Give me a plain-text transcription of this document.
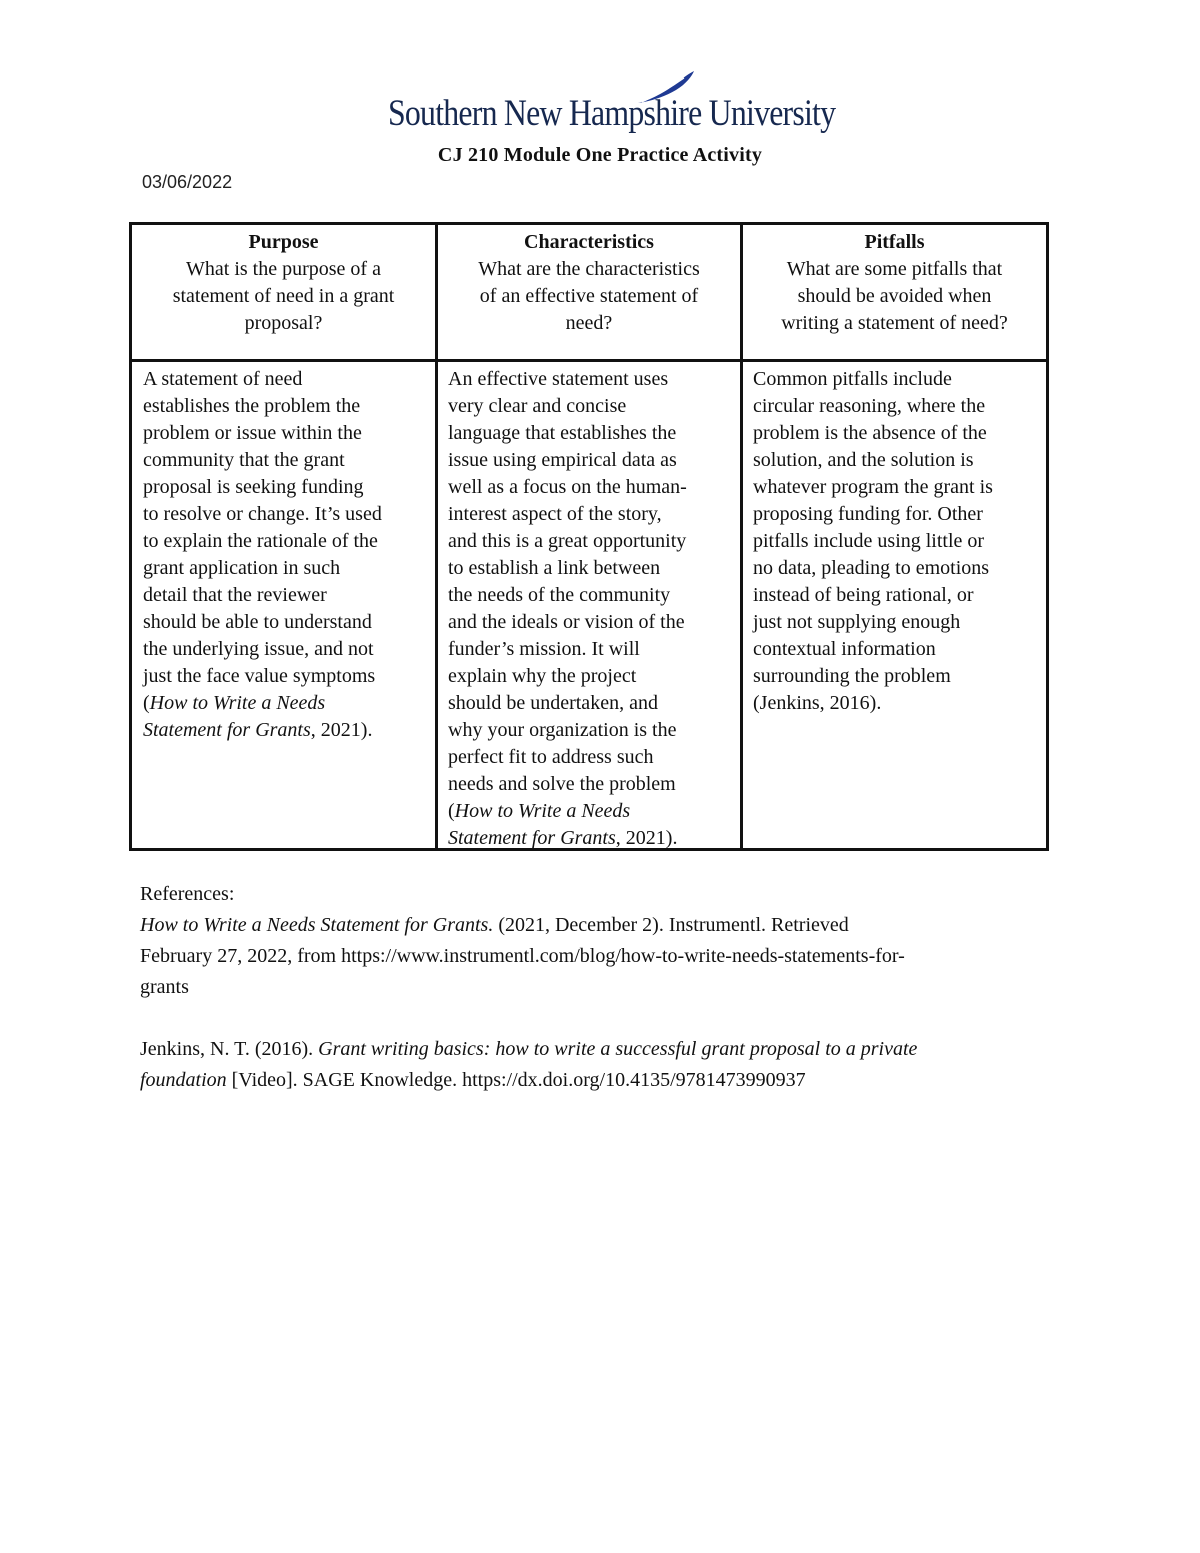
Southern New Hampshire University
CJ 210 Module One Practice Activity
03/06/2022
Purpose
What is the purpose of a
statement of need in a grant
proposal?
Characteristics
What are the characteristics
of an effective statement of
need?
Pitfalls
What are some pitfalls that
should be avoided when
writing a statement of need?
A statement of need
establishes the problem the
problem or issue within the
community that the grant
proposal is seeking funding
to resolve or change. It’s used
to explain the rationale of the
grant application in such
detail that the reviewer
should be able to understand
the underlying issue, and not
just the face value symptoms
(How to Write a Needs
Statement for Grants, 2021).
An effective statement uses
very clear and concise
language that establishes the
issue using empirical data as
well as a focus on the human-
interest aspect of the story,
and this is a great opportunity
to establish a link between
the needs of the community
and the ideals or vision of the
funder’s mission. It will
explain why the project
should be undertaken, and
why your organization is the
perfect fit to address such
needs and solve the problem
(How to Write a Needs
Statement for Grants, 2021).
Common pitfalls include
circular reasoning, where the
problem is the absence of the
solution, and the solution is
whatever program the grant is
proposing funding for. Other
pitfalls include using little or
no data, pleading to emotions
instead of being rational, or
just not supplying enough
contextual information
surrounding the problem
(Jenkins, 2016).
References:
How to Write a Needs Statement for Grants. (2021, December 2). Instrumentl. Retrieved
February 27, 2022, from https://www.instrumentl.com/blog/how-to-write-needs-statements-for-
grants
Jenkins, N. T. (2016). Grant writing basics: how to write a successful grant proposal to a private
foundation [Video]. SAGE Knowledge. https://dx.doi.org/10.4135/9781473990937
